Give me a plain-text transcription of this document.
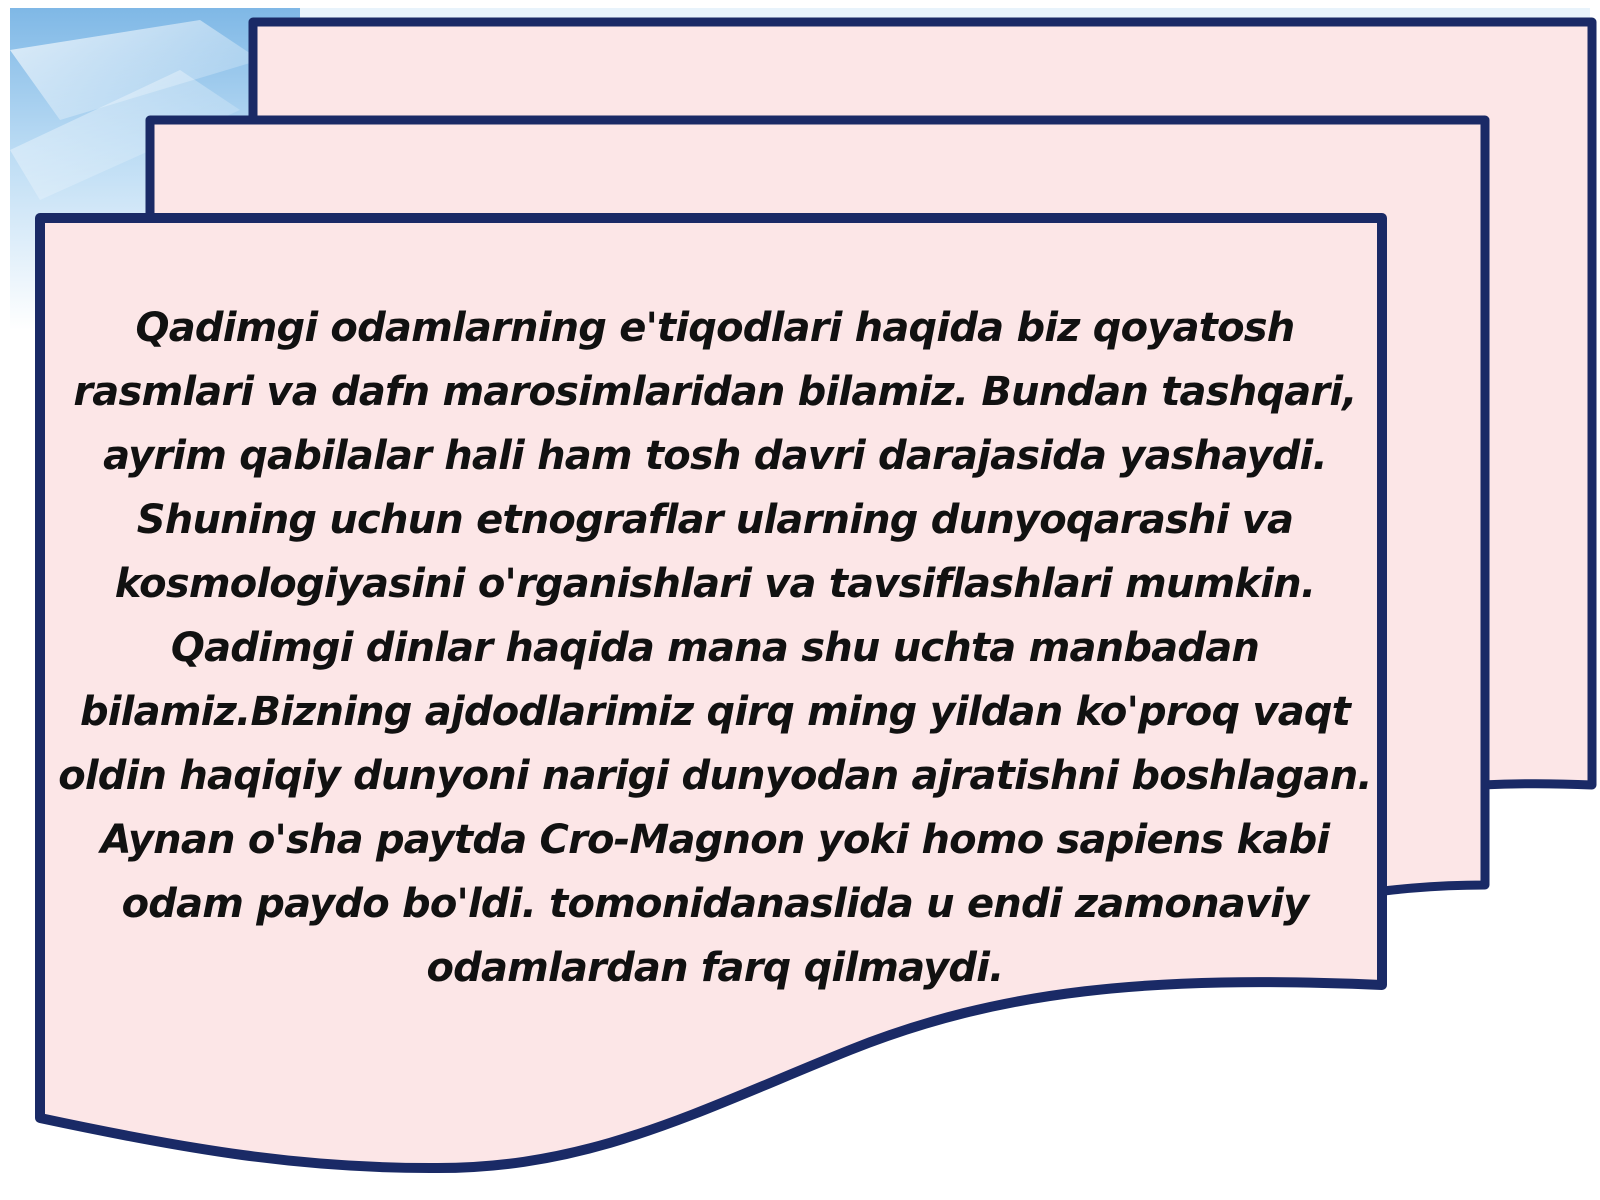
Qadimgi odamlarning e'tiqodlari haqida biz qoyatosh rasmlari va dafn marosimlaridan bilamiz. Bundan tashqari, ayrim qabilalar hali ham tosh davri darajasida yashaydi. Shuning uchun etnograflar ularning dunyoqarashi va kosmologiyasini o'rganishlari va tavsiflashlari mumkin. Qadimgi dinlar haqida mana shu uchta manbadan bilamiz.Bizning ajdodlarimiz qirq ming yildan ko'proq vaqt oldin haqiqiy dunyoni narigi dunyodan ajratishni boshlagan. Aynan o'sha paytda Cro-Magnon yoki homo sapiens kabi odam paydo bo'ldi. tomonidanaslida u endi zamonaviy odamlardan farq qilmaydi.
